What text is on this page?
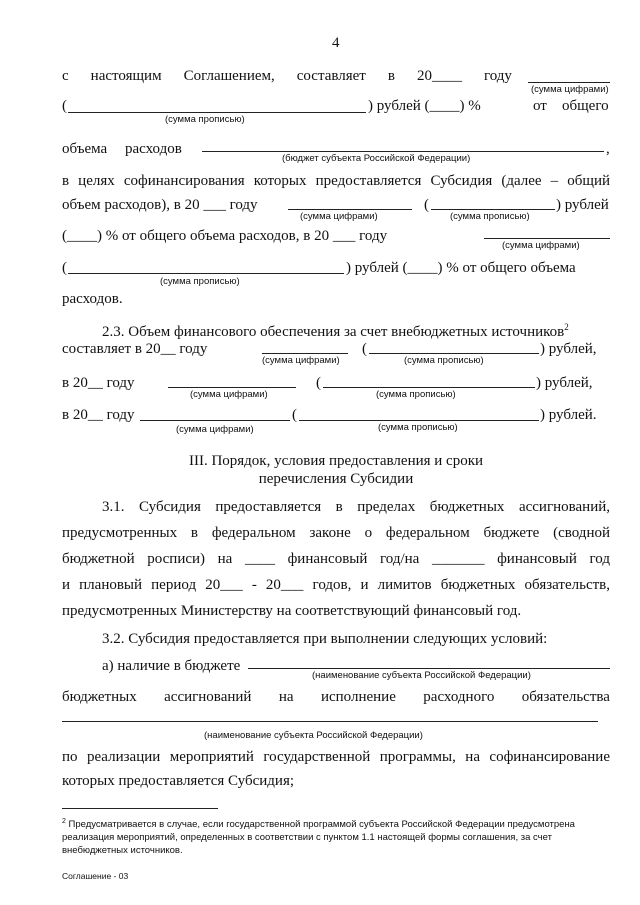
4
с настоящим Соглашением, составляет в 20____ году
(сумма цифрами)
(	) рублей (____) %	от общего
(сумма прописью)
объема расходов	,
(бюджет субъекта Российской Федерации)
в целях софинансирования которых предоставляется Субсидия (далее – общий
объем расходов), в 20 ___ году	(	) рублей
(сумма цифрами)	(сумма прописью)
(____) % от общего объема расходов, в 20 ___ году
(сумма цифрами)
(	) рублей (____) % от общего объема
(сумма прописью)
расходов.
2.3. Объем финансового обеспечения за счет внебюджетных источников$^2$
составляет в 20__ году	(	) рублей,
(сумма цифрами)	(сумма прописью)
в 20__ году	(	) рублей,
(сумма цифрами)	(сумма прописью)
в 20__ году	(	) рублей.
(сумма цифрами)	(сумма прописью)
III. Порядок, условия предоставления и сроки
перечисления Субсидии
3.1. Субсидия предоставляется в пределах бюджетных ассигнований,
предусмотренных в федеральном законе о федеральном бюджете (сводной
бюджетной росписи) на ____ финансовый год/на _______ финансовый год
и плановый период 20___ - 20___ годов, и лимитов бюджетных обязательств,
предусмотренных Министерству на соответствующий финансовый год.
3.2. Субсидия предоставляется при выполнении следующих условий:
а) наличие в бюджете
(наименование субъекта Российской Федерации)
бюджетных ассигнований на исполнение расходного обязательства
(наименование субъекта Российской Федерации)
по реализации мероприятий государственной программы, на софинансирование
которых предоставляется Субсидия;
$^2$ Предусматривается в случае, если государственной программой субъекта Российской Федерации предусмотрена
реализация мероприятий, определенных в соответствии с пунктом 1.1 настоящей формы соглашения, за счет
внебюджетных источников.
Соглашение - 03
